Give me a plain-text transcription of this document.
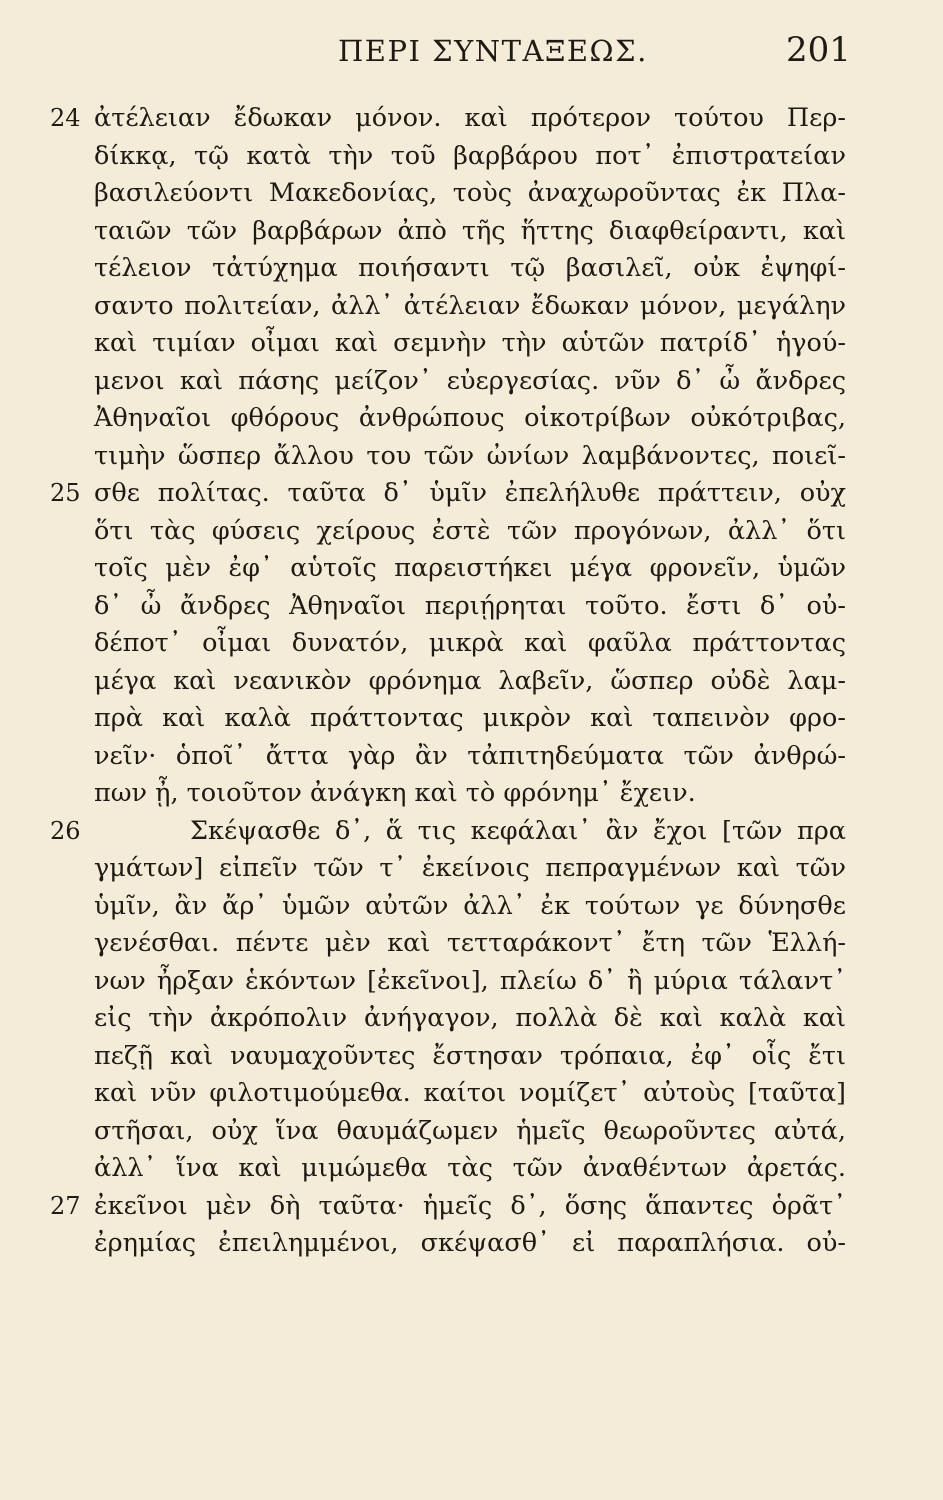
ΠΕΡΙ ΣΥΝΤΑΞΕΩΣ.	201
24 ἀτέλειαν ἔδωκαν μόνον. καὶ πρότερον τούτου Περ-
δίκκᾳ, τῷ κατὰ τὴν τοῦ βαρβάρου ποτ᾽ ἐπιστρατείαν
βασιλεύοντι Μακεδονίας, τοὺς ἀναχωροῦντας ἐκ Πλα-
ταιῶν τῶν βαρβάρων ἀπὸ τῆς ἥττης διαφθείραντι, καὶ
τέλειον τἀτύχημα ποιήσαντι τῷ βασιλεῖ, οὐκ ἐψηφί-
σαντο πολιτείαν, ἀλλ᾽ ἀτέλειαν ἔδωκαν μόνον, μεγάλην
καὶ τιμίαν οἶμαι καὶ σεμνὴν τὴν αὑτῶν πατρίδ᾽ ἡγού-
μενοι καὶ πάσης μείζον᾽ εὐεργεσίας. νῦν δ᾽ ὦ ἄνδρες
Ἀθηναῖοι φθόρους ἀνθρώπους οἰκοτρίβων οὐκότριβας,
τιμὴν ὥσπερ ἄλλου του τῶν ὠνίων λαμβάνοντες, ποιεῖ-
25 σθε πολίτας. ταῦτα δ᾽ ὑμῖν ἐπελήλυθε πράττειν, οὐχ
ὅτι τὰς φύσεις χείρους ἐστὲ τῶν προγόνων, ἀλλ᾽ ὅτι
τοῖς μὲν ἐφ᾽ αὑτοῖς παρειστήκει μέγα φρονεῖν, ὑμῶν
δ᾽ ὦ ἄνδρες Ἀθηναῖοι περιῄρηται τοῦτο. ἔστι δ᾽ οὐ-
δέποτ᾽ οἶμαι δυνατόν, μικρὰ καὶ φαῦλα πράττοντας
μέγα καὶ νεανικὸν φρόνημα λαβεῖν, ὥσπερ οὐδὲ λαμ-
πρὰ καὶ καλὰ πράττοντας μικρὸν καὶ ταπεινὸν φρο-
νεῖν· ὁποῖ᾽ ἄττα γὰρ ἂν τἀπιτηδεύματα τῶν ἀνθρώ-
πων ᾖ, τοιοῦτον ἀνάγκη καὶ τὸ φρόνημ᾽ ἔχειν.
26	Σκέψασθε δ᾽, ἅ τις κεφάλαι᾽ ἂν ἔχοι [τῶν πρα
γμάτων] εἰπεῖν τῶν τ᾽ ἐκείνοις πεπραγμένων καὶ τῶν
ὑμῖν, ἂν ἄρ᾽ ὑμῶν αὐτῶν ἀλλ᾽ ἐκ τούτων γε δύνησθε
γενέσθαι. πέντε μὲν καὶ τετταράκοντ᾽ ἔτη τῶν Ἑλλή-
νων ἦρξαν ἑκόντων [ἐκεῖνοι], πλείω δ᾽ ἢ μύρια τάλαντ᾽
εἰς τὴν ἀκρόπολιν ἀνήγαγον, πολλὰ δὲ καὶ καλὰ καὶ
πεζῇ καὶ ναυμαχοῦντες ἔστησαν τρόπαια, ἐφ᾽ οἷς ἔτι
καὶ νῦν φιλοτιμούμεθα. καίτοι νομίζετ᾽ αὐτοὺς [ταῦτα]
στῆσαι, οὐχ ἵνα θαυμάζωμεν ἡμεῖς θεωροῦντες αὐτά,
ἀλλ᾽ ἵνα καὶ μιμώμεθα τὰς τῶν ἀναθέντων ἀρετάς.
27 ἐκεῖνοι μὲν δὴ ταῦτα· ἡμεῖς δ᾽, ὅσης ἅπαντες ὁρᾶτ᾽
ἐρημίας ἐπειλημμένοι, σκέψασθ᾽ εἰ παραπλήσια. οὐ-
